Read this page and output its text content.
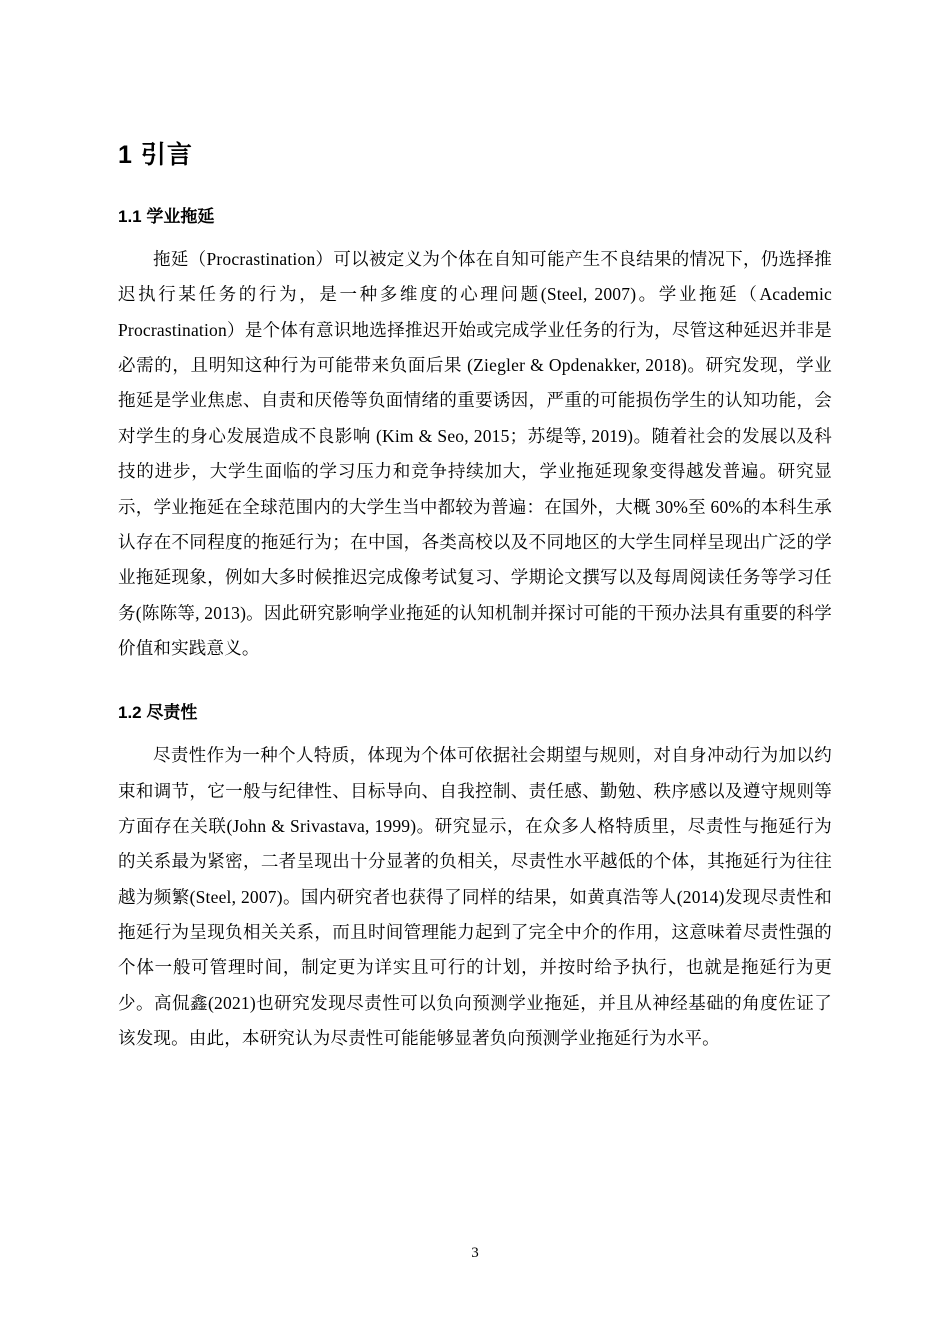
1 引言
1.1 学业拖延

拖延（Procrastination）可以被定义为个体在自知可能产生不良结果的情况下，仍选择推迟执行某任务的行为，是一种多维度的心理问题(Steel, 2007)。学业拖延（Academic Procrastination）是个体有意识地选择推迟开始或完成学业任务的行为，尽管这种延迟并非是必需的，且明知这种行为可能带来负面后果 (Ziegler & Opdenakker, 2018)。研究发现，学业拖延是学业焦虑、自责和厌倦等负面情绪的重要诱因，严重的可能损伤学生的认知功能，会对学生的身心发展造成不良影响 (Kim & Seo, 2015；苏缇等, 2019)。随着社会的发展以及科技的进步，大学生面临的学习压力和竞争持续加大，学业拖延现象变得越发普遍。研究显示，学业拖延在全球范围内的大学生当中都较为普遍：在国外，大概 30%至 60%的本科生承认存在不同程度的拖延行为；在中国，各类高校以及不同地区的大学生同样呈现出广泛的学业拖延现象，例如大多时候推迟完成像考试复习、学期论文撰写以及每周阅读任务等学习任务(陈陈等, 2013)。因此研究影响学业拖延的认知机制并探讨可能的干预办法具有重要的科学价值和实践意义。

1.2 尽责性

尽责性作为一种个人特质，体现为个体可依据社会期望与规则，对自身冲动行为加以约束和调节，它一般与纪律性、目标导向、自我控制、责任感、勤勉、秩序感以及遵守规则等方面存在关联(John & Srivastava, 1999)。研究显示，在众多人格特质里，尽责性与拖延行为的关系最为紧密，二者呈现出十分显著的负相关，尽责性水平越低的个体，其拖延行为往往越为频繁(Steel, 2007)。国内研究者也获得了同样的结果，如黄真浩等人(2014)发现尽责性和拖延行为呈现负相关关系，而且时间管理能力起到了完全中介的作用，这意味着尽责性强的个体一般可管理时间，制定更为详实且可行的计划，并按时给予执行，也就是拖延行为更少。高侃鑫(2021)也研究发现尽责性可以负向预测学业拖延，并且从神经基础的角度佐证了该发现。由此，本研究认为尽责性可能能够显著负向预测学业拖延行为水平。

3
